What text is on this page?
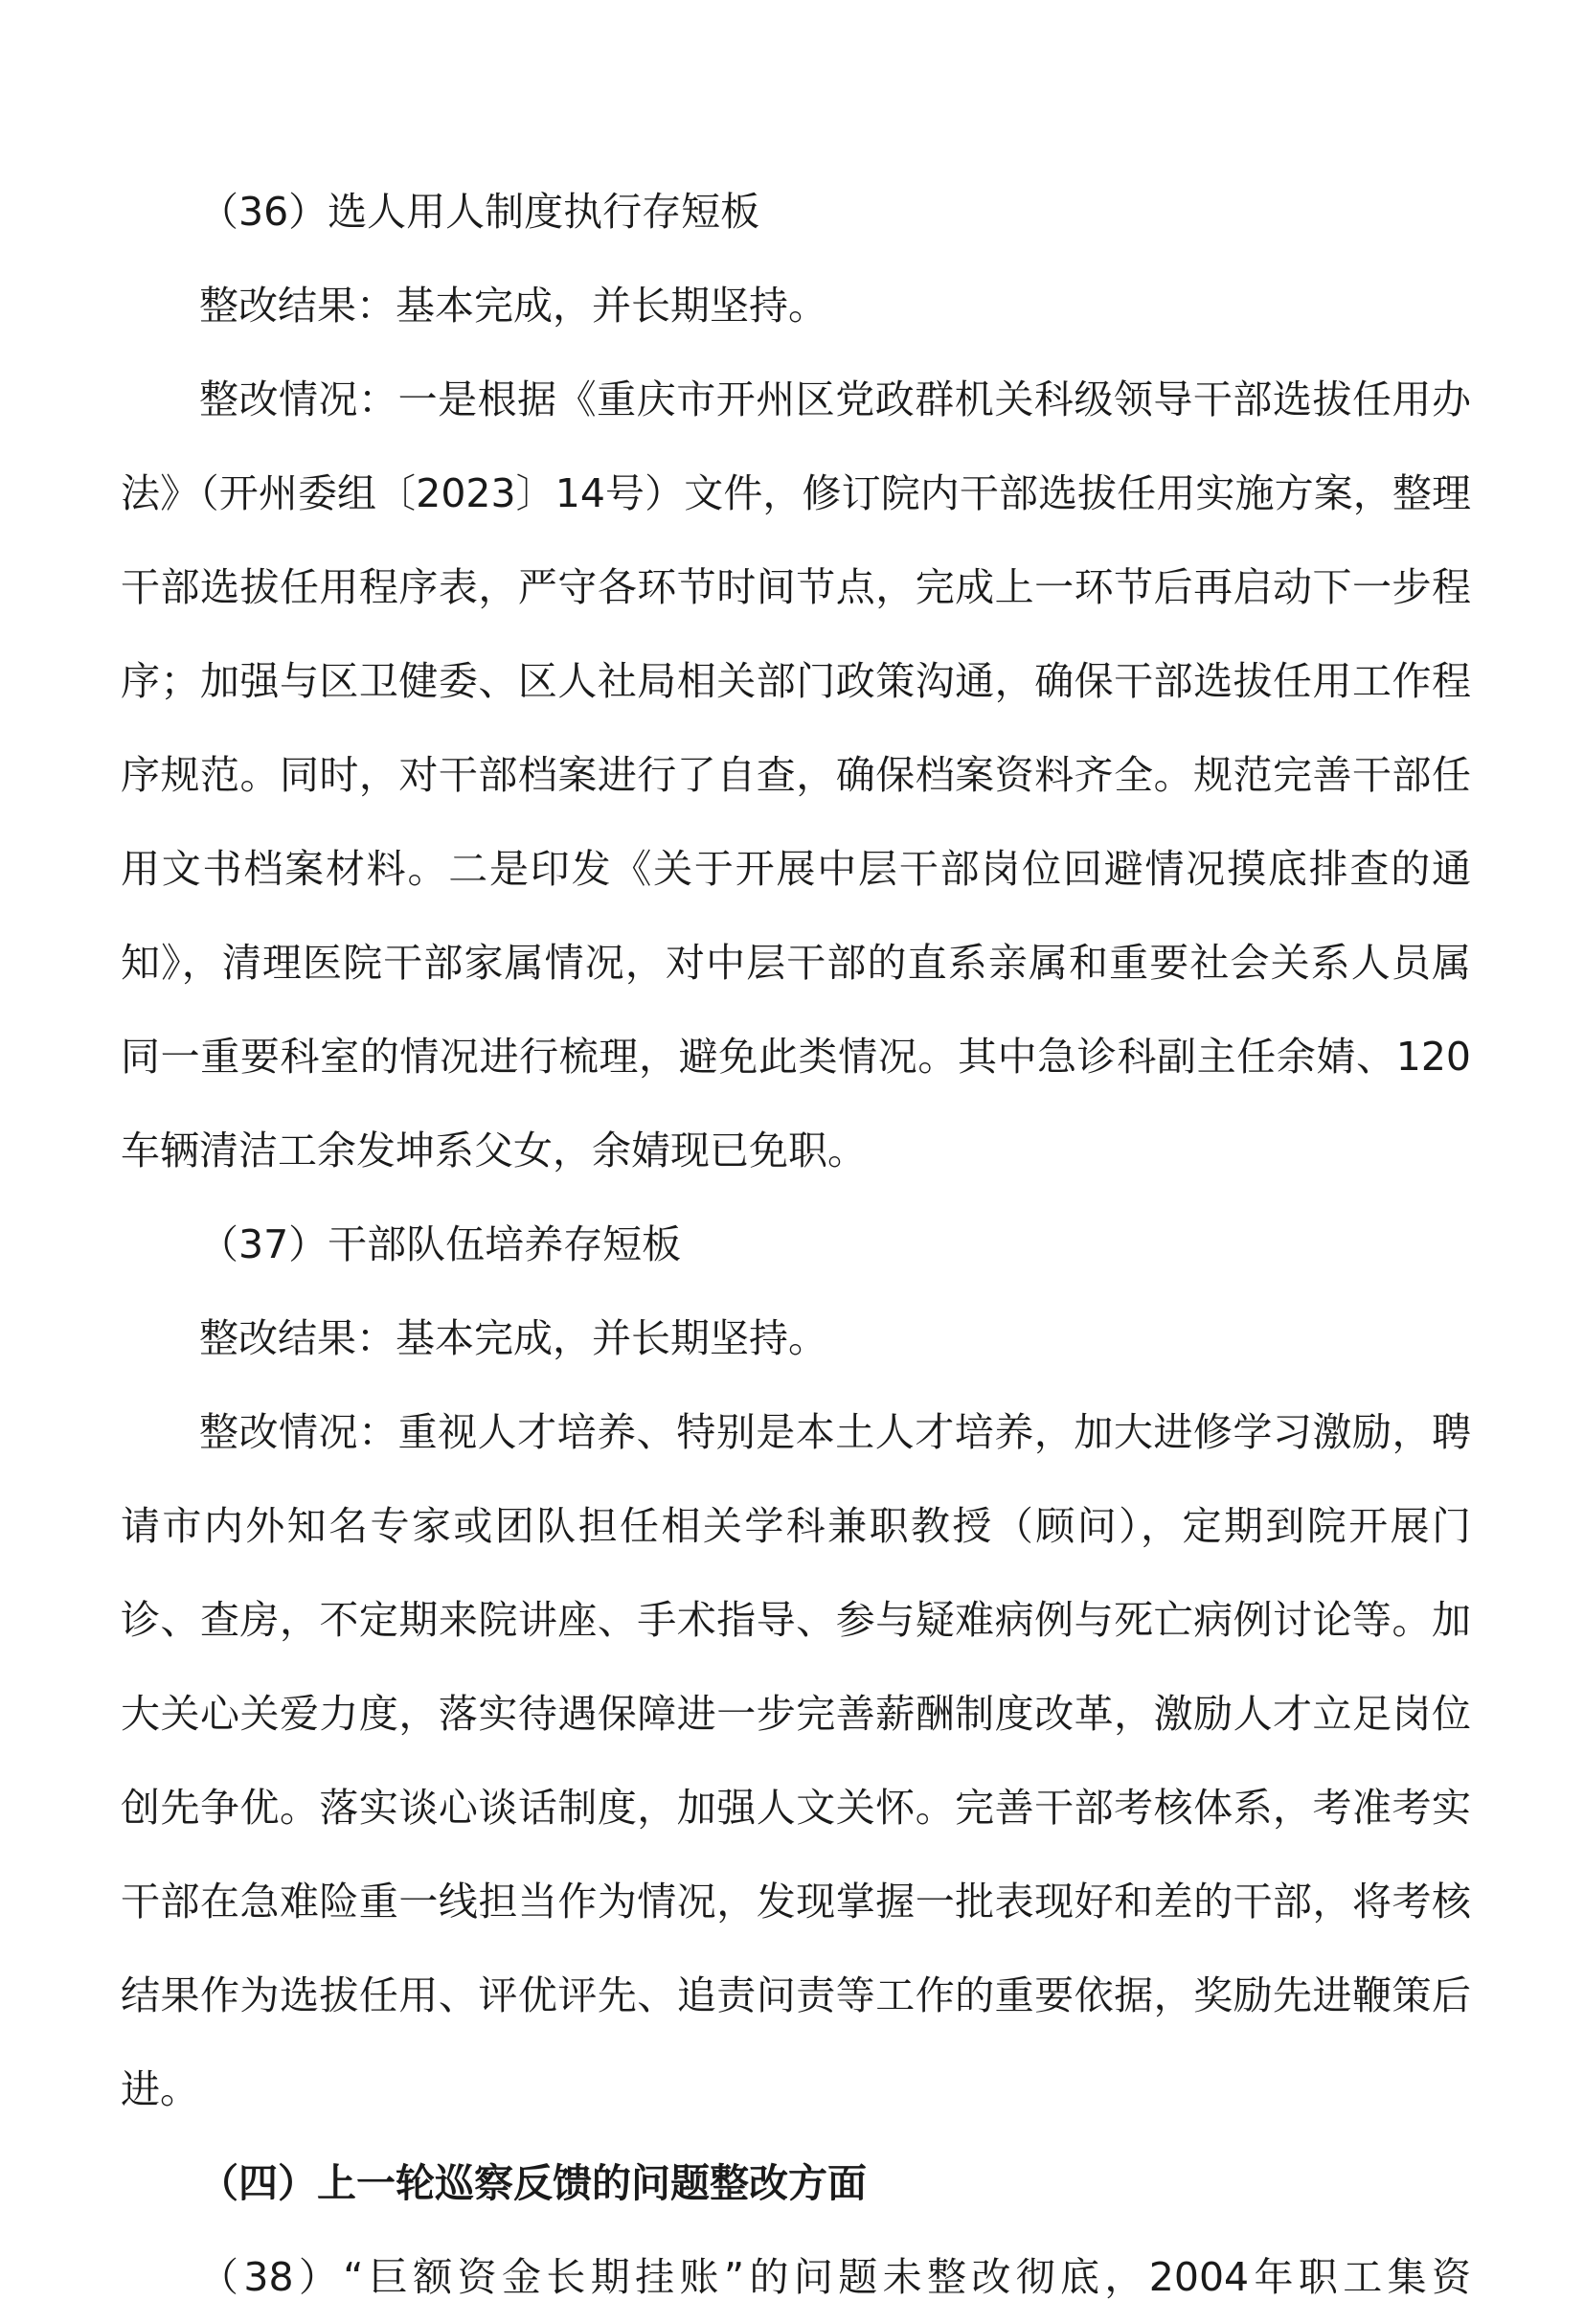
（36）选人用人制度执行存短板

整改结果：基本完成，并长期坚持。

整改情况：一是根据《重庆市开州区党政群机关科级领导干部选拔任用办法》（开州委组〔2023〕14号）文件，修订院内干部选拔任用实施方案，整理干部选拔任用程序表，严守各环节时间节点，完成上一环节后再启动下一步程序；加强与区卫健委、区人社局相关部门政策沟通，确保干部选拔任用工作程序规范。同时，对干部档案进行了自查，确保档案资料齐全。规范完善干部任用文书档案材料。二是印发《关于开展中层干部岗位回避情况摸底排查的通知》，清理医院干部家属情况，对中层干部的直系亲属和重要社会关系人员属同一重要科室的情况进行梳理，避免此类情况。其中急诊科副主任余婧、120车辆清洁工余发坤系父女，余婧现已免职。

（37）干部队伍培养存短板

整改结果：基本完成，并长期坚持。

整改情况：重视人才培养、特别是本土人才培养，加大进修学习激励，聘请市内外知名专家或团队担任相关学科兼职教授（顾问），定期到院开展门诊、查房，不定期来院讲座、手术指导、参与疑难病例与死亡病例讨论等。加大关心关爱力度，落实待遇保障进一步完善薪酬制度改革，激励人才立足岗位创先争优。落实谈心谈话制度，加强人文关怀。完善干部考核体系，考准考实干部在急难险重一线担当作为情况，发现掌握一批表现好和差的干部，将考核结果作为选拔任用、评优评先、追责问责等工作的重要依据，奖励先进鞭策后进。

（四）上一轮巡察反馈的问题整改方面

（38）“巨额资金长期挂账”的问题未整改彻底，2004年职工集资
